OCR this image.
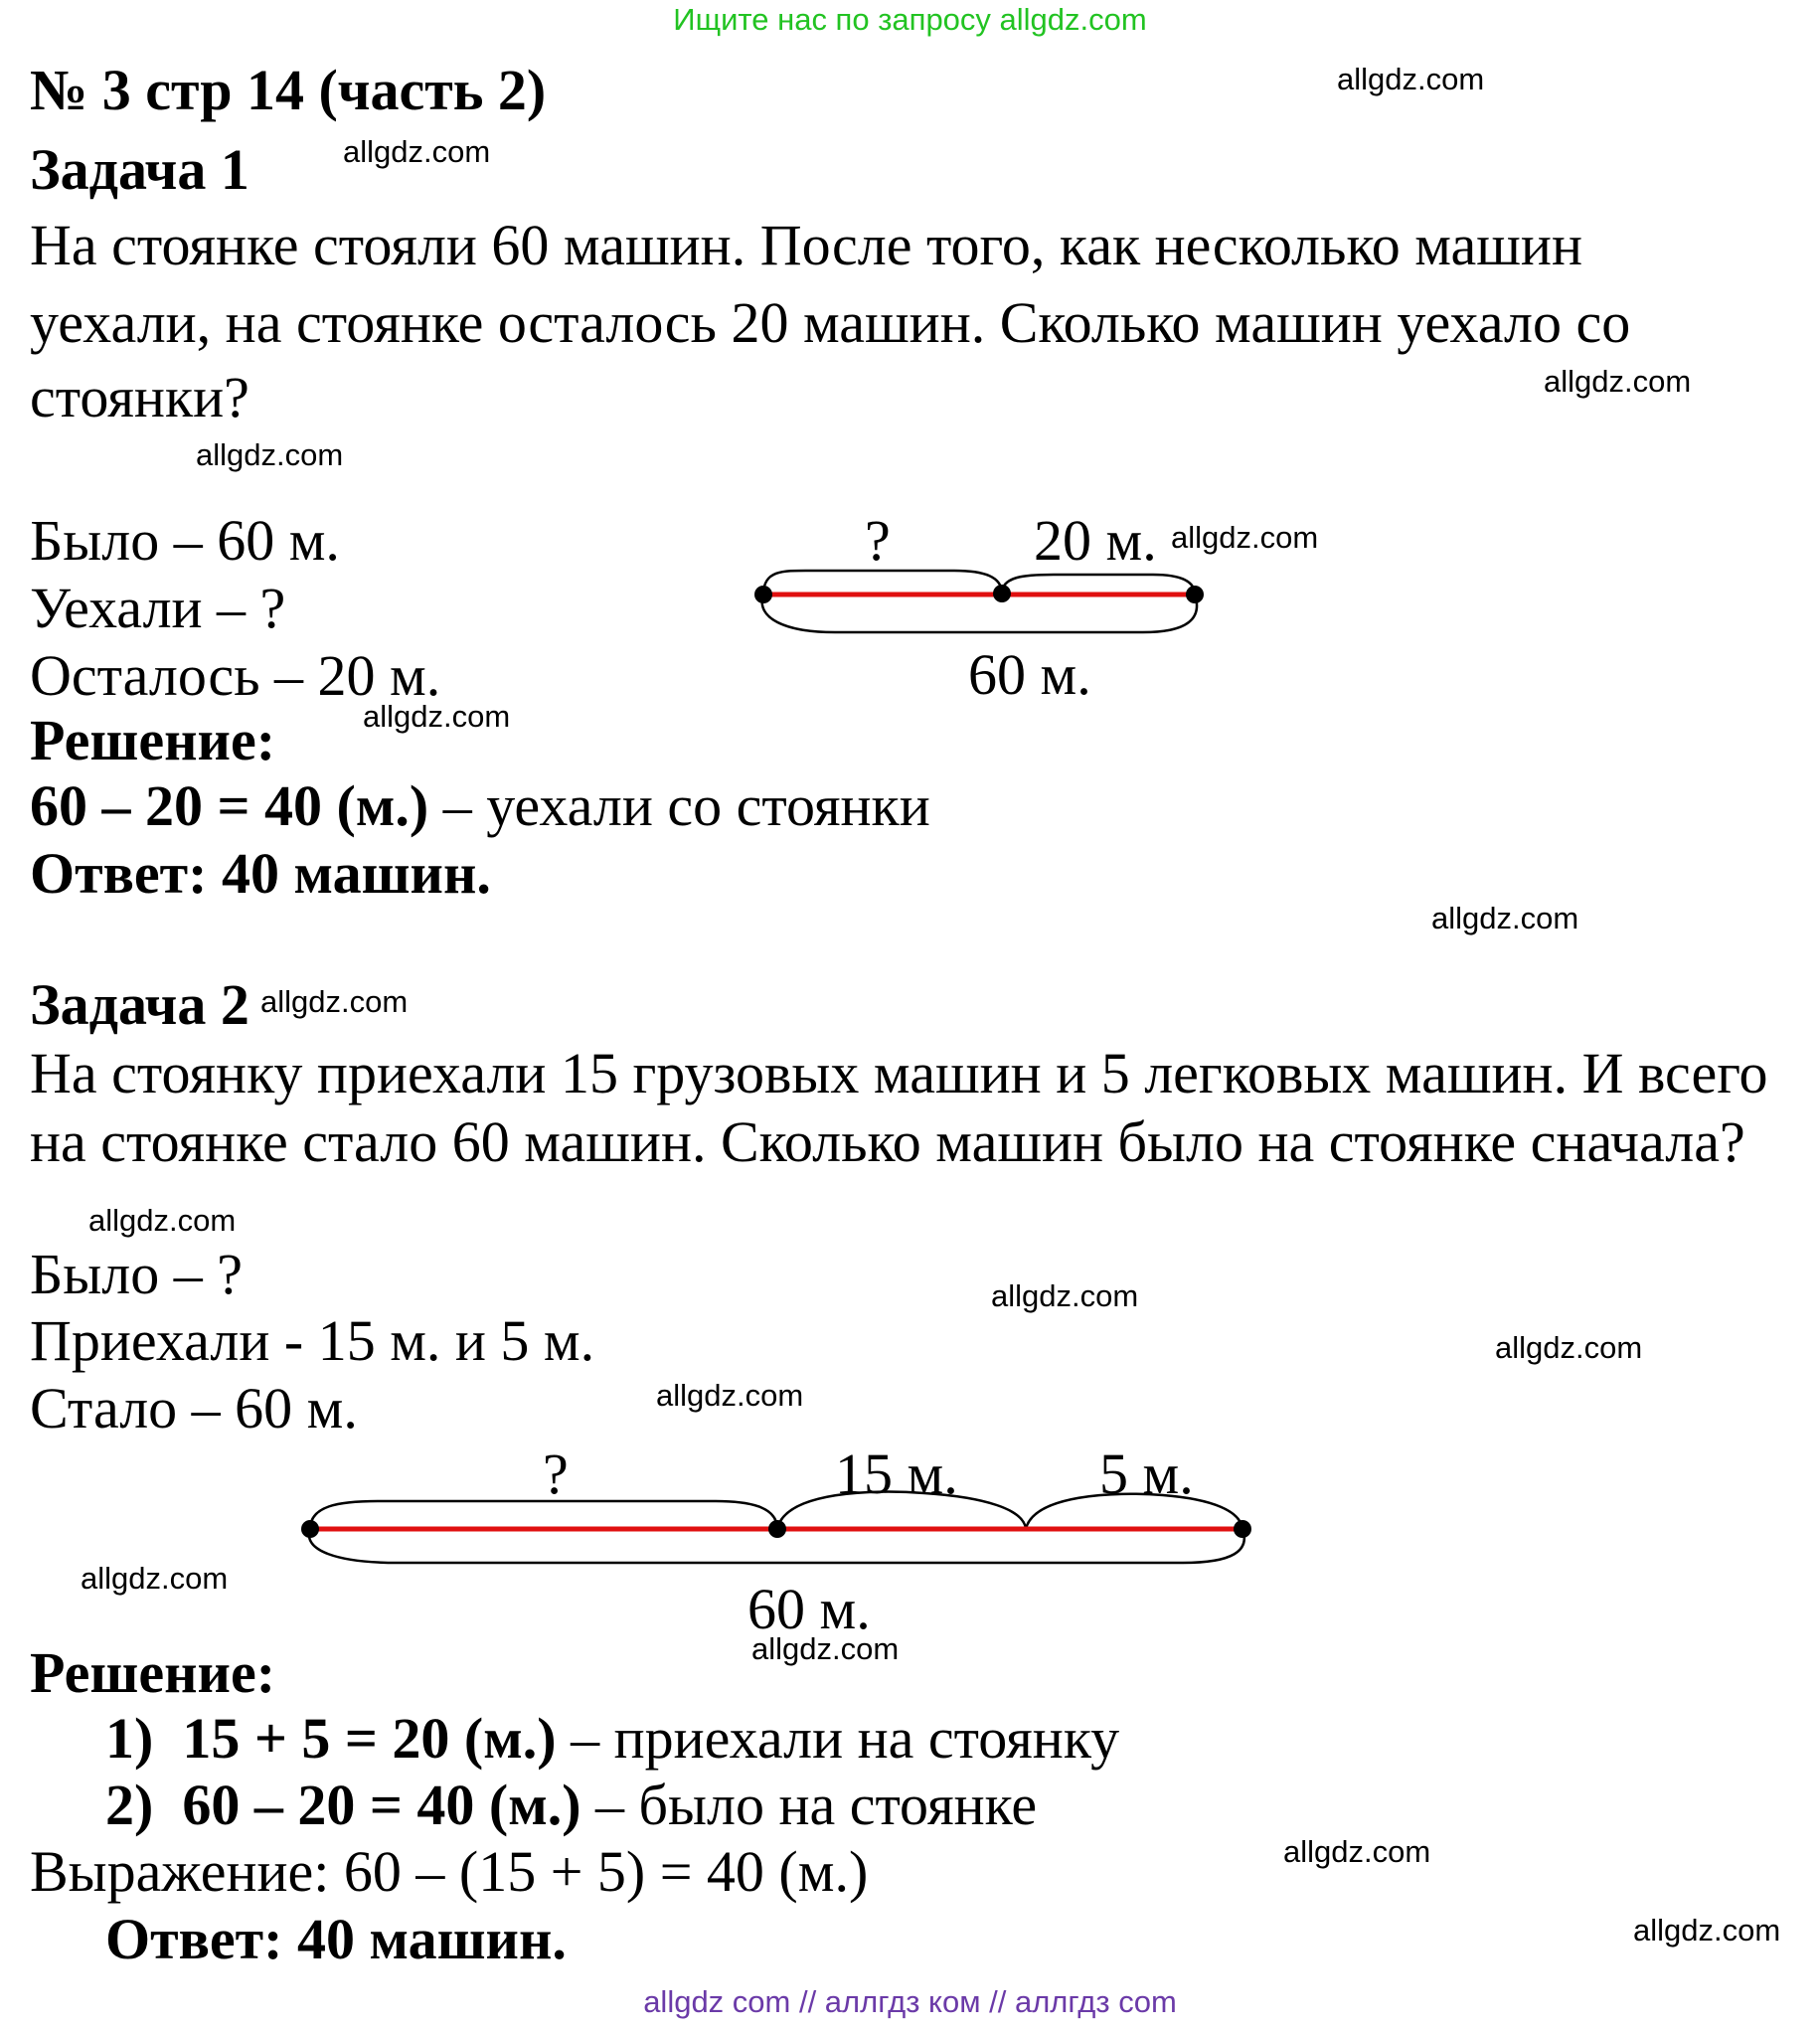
Ищите нас по запросу allgdz.com
№ 3 стр 14 (часть 2)
Задача 1
На стоянке стояли 60 машин. После того, как несколько машин
уехали, на стоянке осталось 20 машин. Сколько машин уехало со
стоянки?
Было – 60 м.
Уехали – ?
Осталось – 20 м.
? 20 м.
60 м.
Решение:
60 – 20 = 40 (м.) – уехали со стоянки
Ответ: 40 машин.
Задача 2
На стоянку приехали 15 грузовых машин и 5 легковых машин. И всего
на стоянке стало 60 машин. Сколько машин было на стоянке сначала?
Было – ?
Приехали - 15 м. и 5 м.
Стало – 60 м.
?	15 м. 5 м.
60 м.
Решение:
1) 15 + 5 = 20 (м.) – приехали на стоянку
2) 60 – 20 = 40 (м.) – было на стоянке
Выражение: 60 – (15 + 5) = 40 (м.)
Ответ: 40 машин.
allgdz.com
allgdz.com
allgdz.com
allgdz.com
allgdz.com
allgdz.com
allgdz.com
allgdz.com
allgdz.com
allgdz.com
allgdz.com
allgdz.com
allgdz.com
allgdz.com
allgdz.com
allgdz.com
allgdz com // аллгдз ком // аллгдз com
